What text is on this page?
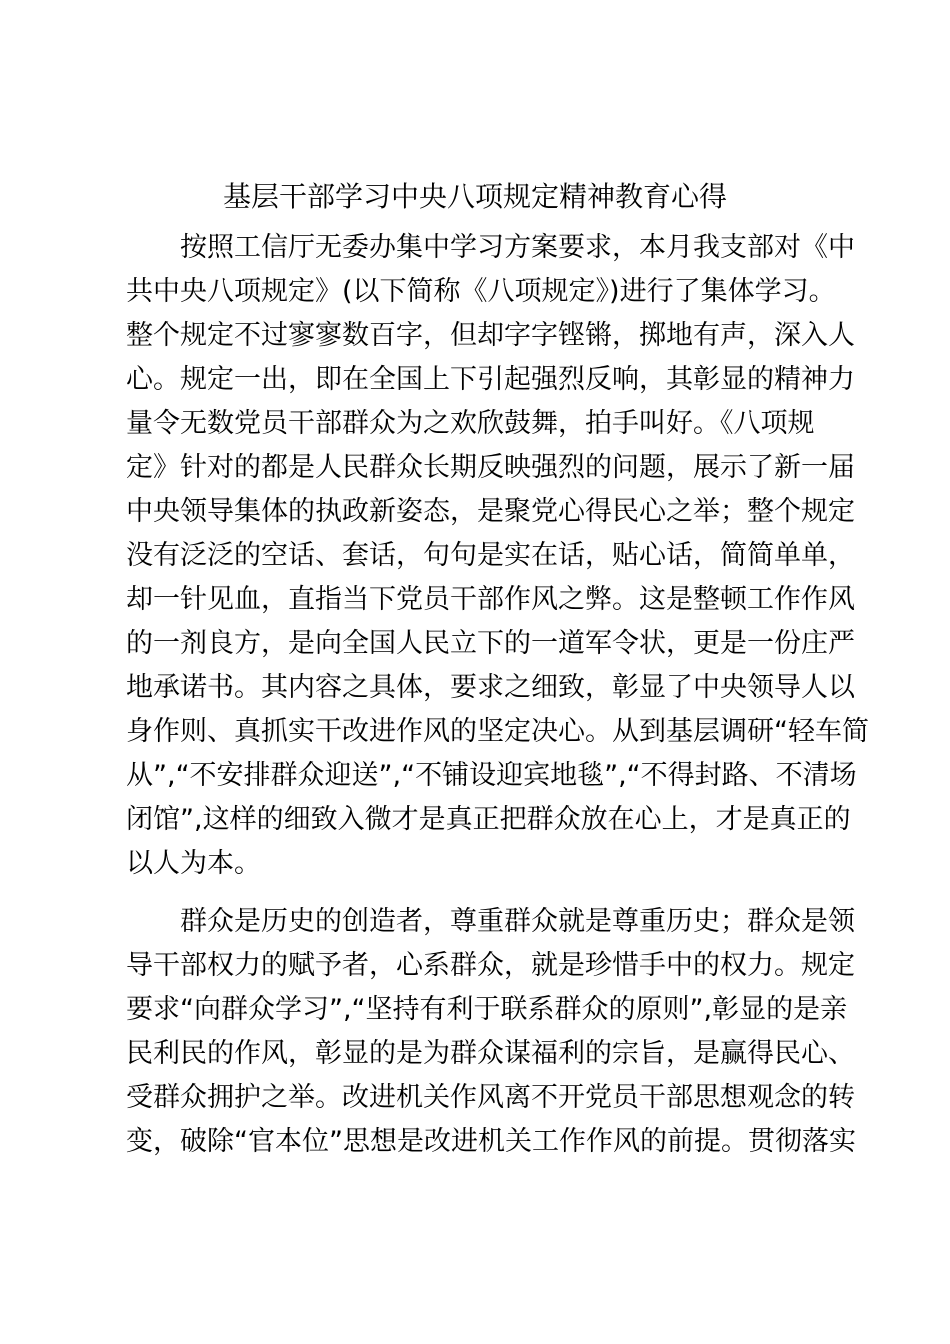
基层干部学习中央八项规定精神教育心得
按照工信厅无委办集中学习方案要求，本月我支部对《中
共中央八项规定》(以下简称《八项规定》)进行了集体学习。
整个规定不过寥寥数百字，但却字字铿锵，掷地有声，深入人
心。规定一出，即在全国上下引起强烈反响，其彰显的精神力
量令无数党员干部群众为之欢欣鼓舞，拍手叫好。《八项规
定》针对的都是人民群众长期反映强烈的问题，展示了新一届
中央领导集体的执政新姿态，是聚党心得民心之举；整个规定
没有泛泛的空话、套话，句句是实在话，贴心话，简简单单，
却一针见血，直指当下党员干部作风之弊。这是整顿工作作风
的一剂良方，是向全国人民立下的一道军令状，更是一份庄严
地承诺书。其内容之具体，要求之细致，彰显了中央领导人以
身作则、真抓实干改进作风的坚定决心。从到基层调研“轻车简
从”,“不安排群众迎送”,“不铺设迎宾地毯”,“不得封路、不清场
闭馆”,这样的细致入微才是真正把群众放在心上，才是真正的
以人为本。
群众是历史的创造者，尊重群众就是尊重历史；群众是领
导干部权力的赋予者，心系群众，就是珍惜手中的权力。规定
要求“向群众学习”,“坚持有利于联系群众的原则”,彰显的是亲
民利民的作风，彰显的是为群众谋福利的宗旨，是赢得民心、
受群众拥护之举。改进机关作风离不开党员干部思想观念的转
变，破除“官本位”思想是改进机关工作作风的前提。贯彻落实
